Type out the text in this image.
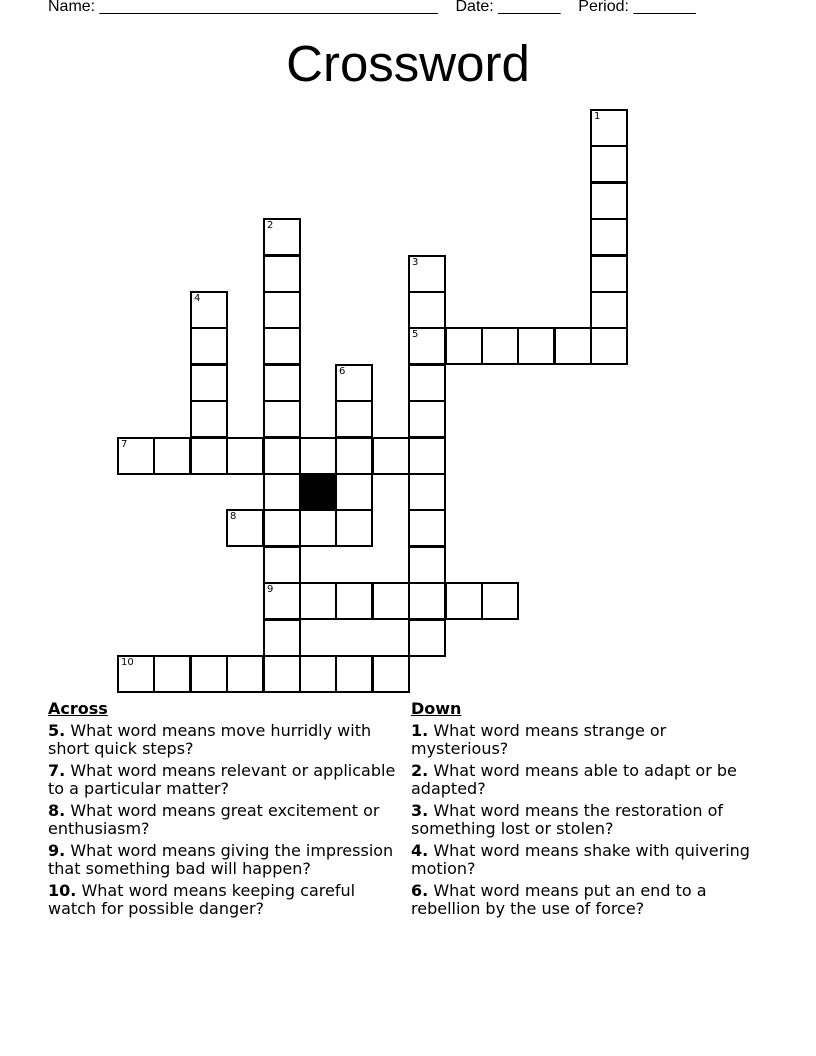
Name: ______________________________________ Date: _______ Period: _______
Crossword
1
2
9
3
5
4
6
7
8
10
Across
5. What word means move hurridly with short quick steps?
7. What word means relevant or applicable to a particular matter?
8. What word means great excitement or enthusiasm?
9. What word means giving the impression that something bad will happen?
10. What word means keeping careful watch for possible danger?
Down
1. What word means strange or mysterious?
2. What word means able to adapt or be adapted?
3. What word means the restoration of something lost or stolen?
4. What word means shake with quivering motion?
6. What word means put an end to a rebellion by the use of force?
